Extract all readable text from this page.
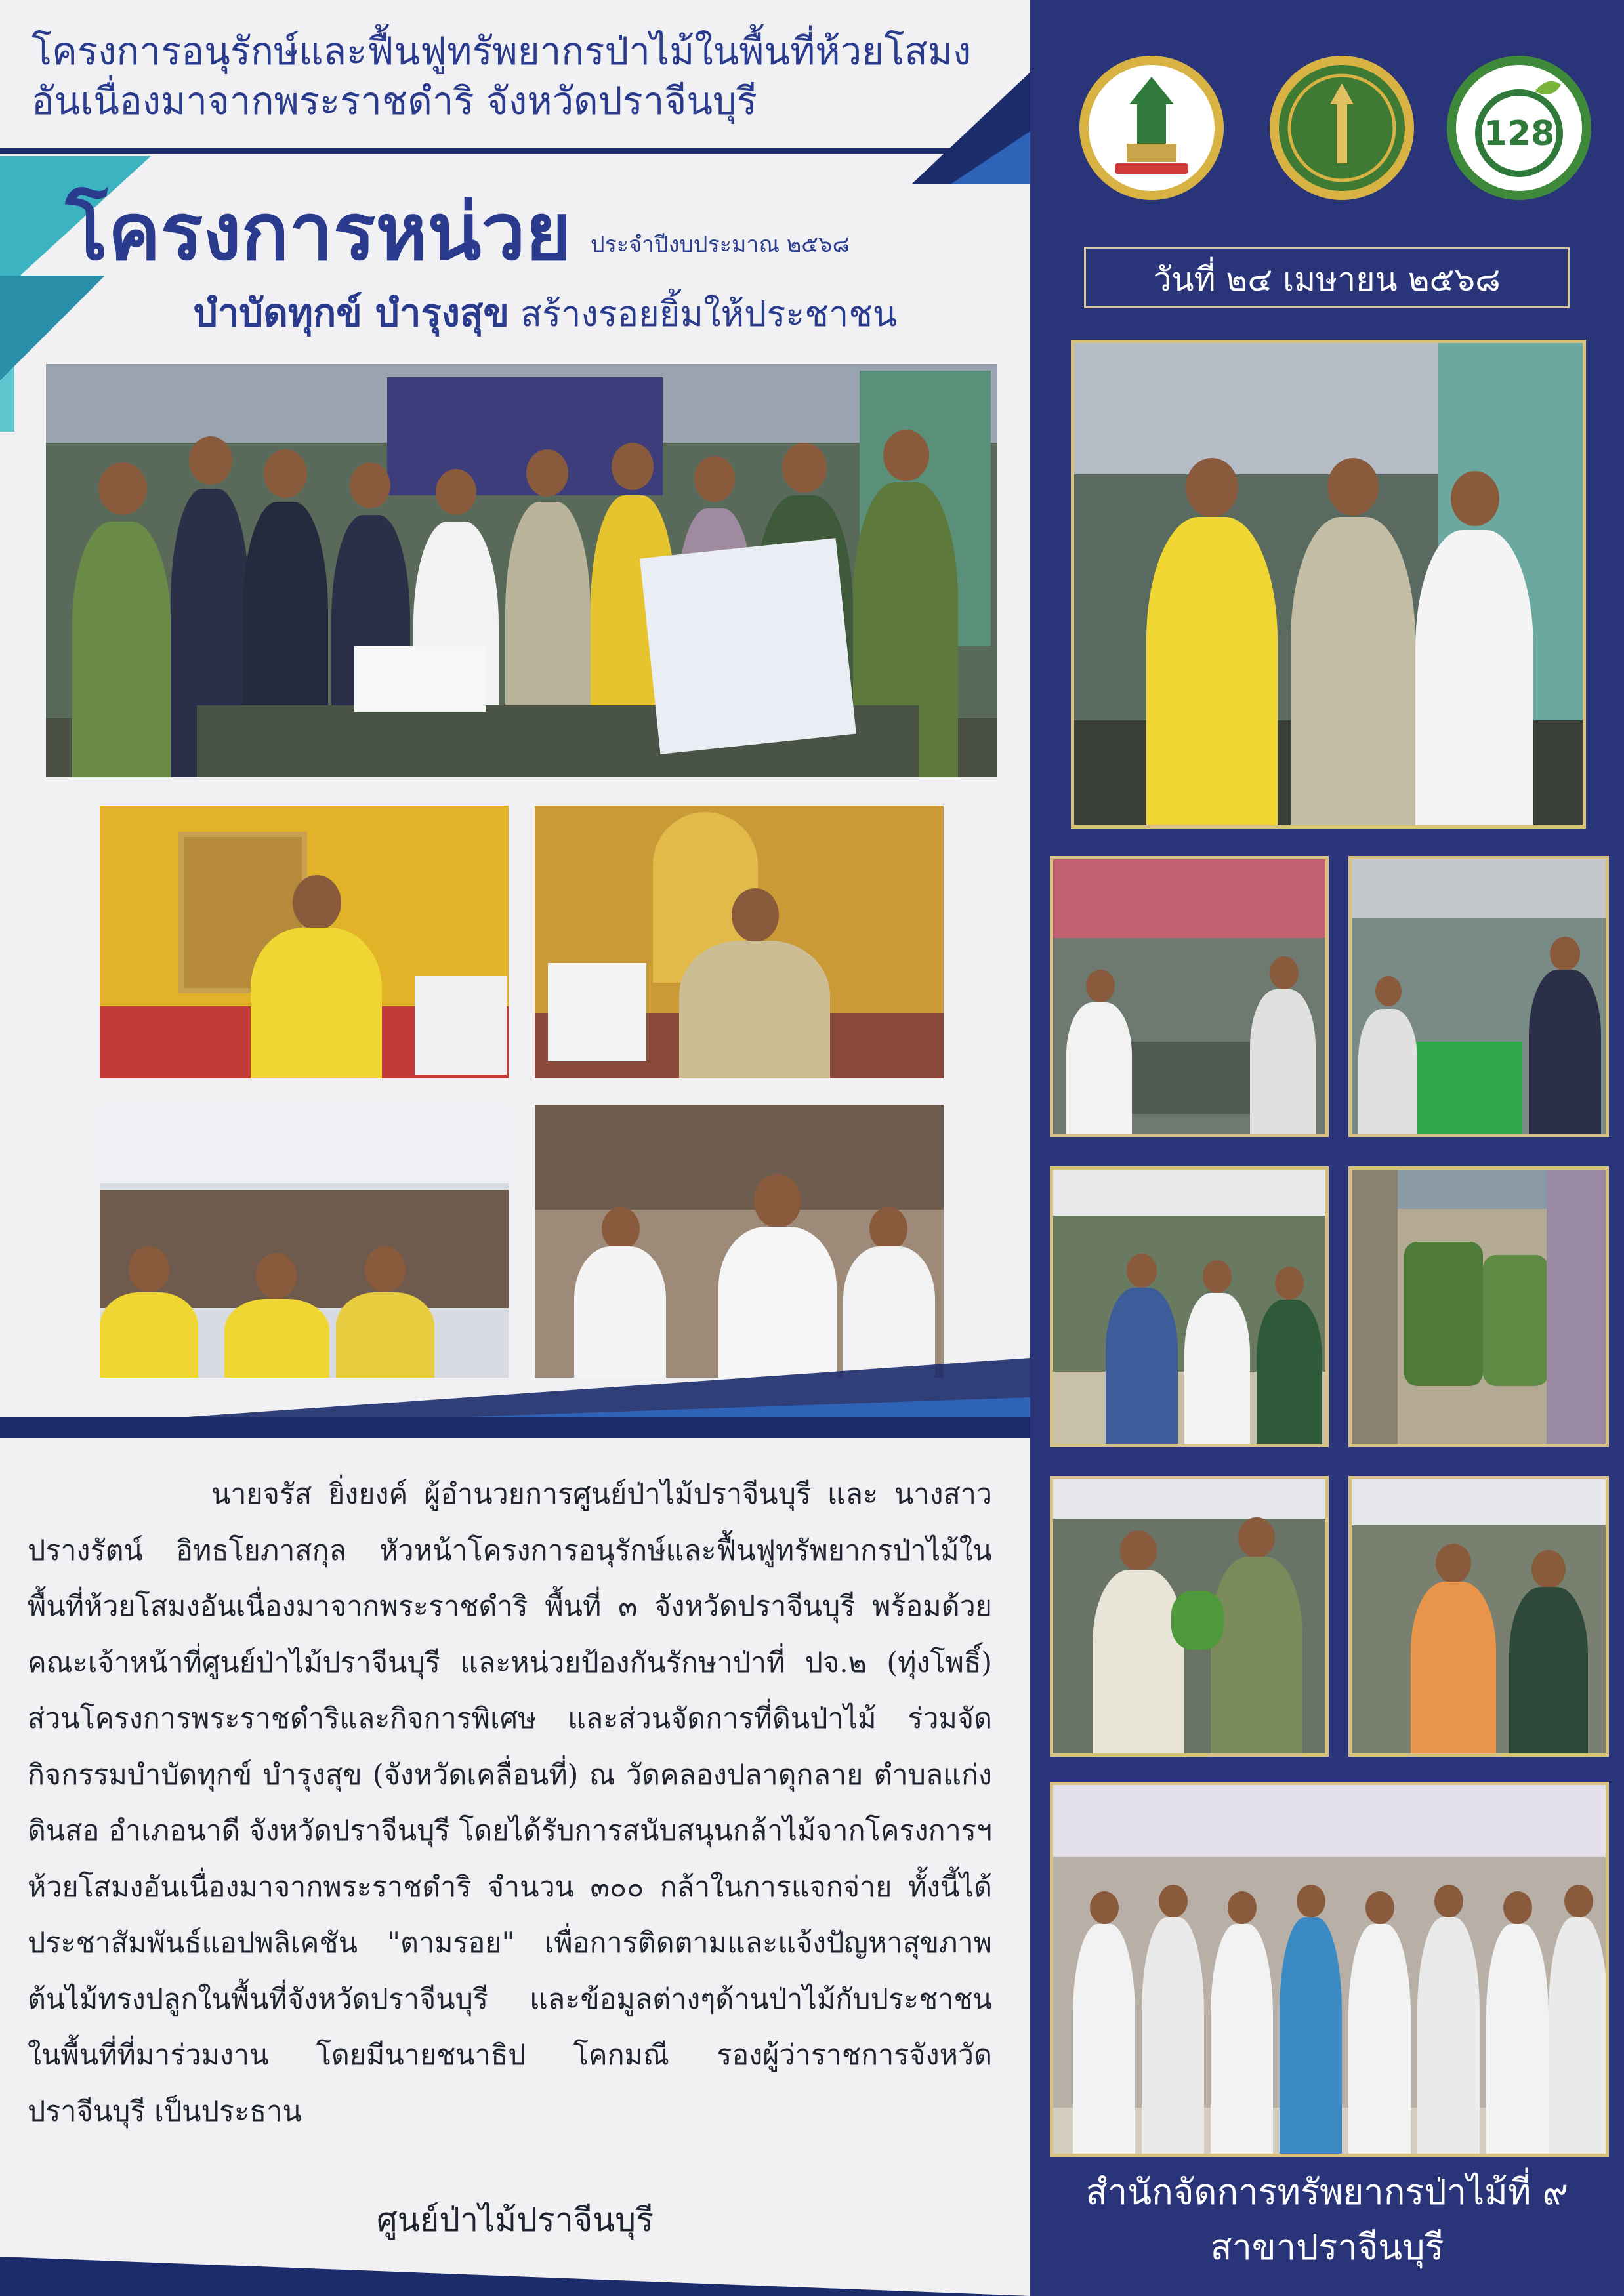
โครงการอนุรักษ์และฟื้นฟูทรัพยากรป่าไม้ในพื้นที่ห้วยโสมง
อันเนื่องมาจากพระราชดำริ จังหวัดปราจีนบุรี
โครงการหน่วย ประจำปีงบประมาณ ๒๕๖๘
บำบัดทุกข์ บำรุงสุข สร้างรอยยิ้มให้ประชาชน
นายจรัส ยิ่งยงค์ ผู้อำนวยการศูนย์ป่าไม้ปราจีนบุรี และ นางสาวปรางรัตน์ อิทธโยภาสกุล หัวหน้าโครงการอนุรักษ์และฟื้นฟูทรัพยากรป่าไม้ในพื้นที่ห้วยโสมงอันเนื่องมาจากพระราชดำริ พื้นที่ ๓ จังหวัดปราจีนบุรี พร้อมด้วยคณะเจ้าหน้าที่ศูนย์ป่าไม้ปราจีนบุรี และหน่วยป้องกันรักษาป่าที่ ปจ.๒ (ทุ่งโพธิ์) ส่วนโครงการพระราชดำริและกิจการพิเศษ และส่วนจัดการที่ดินป่าไม้ ร่วมจัดกิจกรรมบำบัดทุกข์ บำรุงสุข (จังหวัดเคลื่อนที่) ณ วัดคลองปลาดุกลาย ตำบลแก่งดินสอ อำเภอนาดี จังหวัดปราจีนบุรี โดยได้รับการสนับสนุนกล้าไม้จากโครงการฯห้วยโสมงอันเนื่องมาจากพระราชดำริ จำนวน ๓๐๐ กล้าในการแจกจ่าย ทั้งนี้ได้ประชาสัมพันธ์แอปพลิเคชัน "ตามรอย" เพื่อการติดตามและแจ้งปัญหาสุขภาพต้นไม้ทรงปลูกในพื้นที่จังหวัดปราจีนบุรี และข้อมูลต่างๆด้านป่าไม้กับประชาชนในพื้นที่ที่มาร่วมงาน โดยมีนายชนาธิป โคกมณี รองผู้ว่าราชการจังหวัดปราจีนบุรี เป็นประธาน
ศูนย์ป่าไม้ปราจีนบุรี
128
วันที่ ๒๔ เมษายน ๒๕๖๘
สำนักจัดการทรัพยากรป่าไม้ที่ ๙
สาขาปราจีนบุรี
